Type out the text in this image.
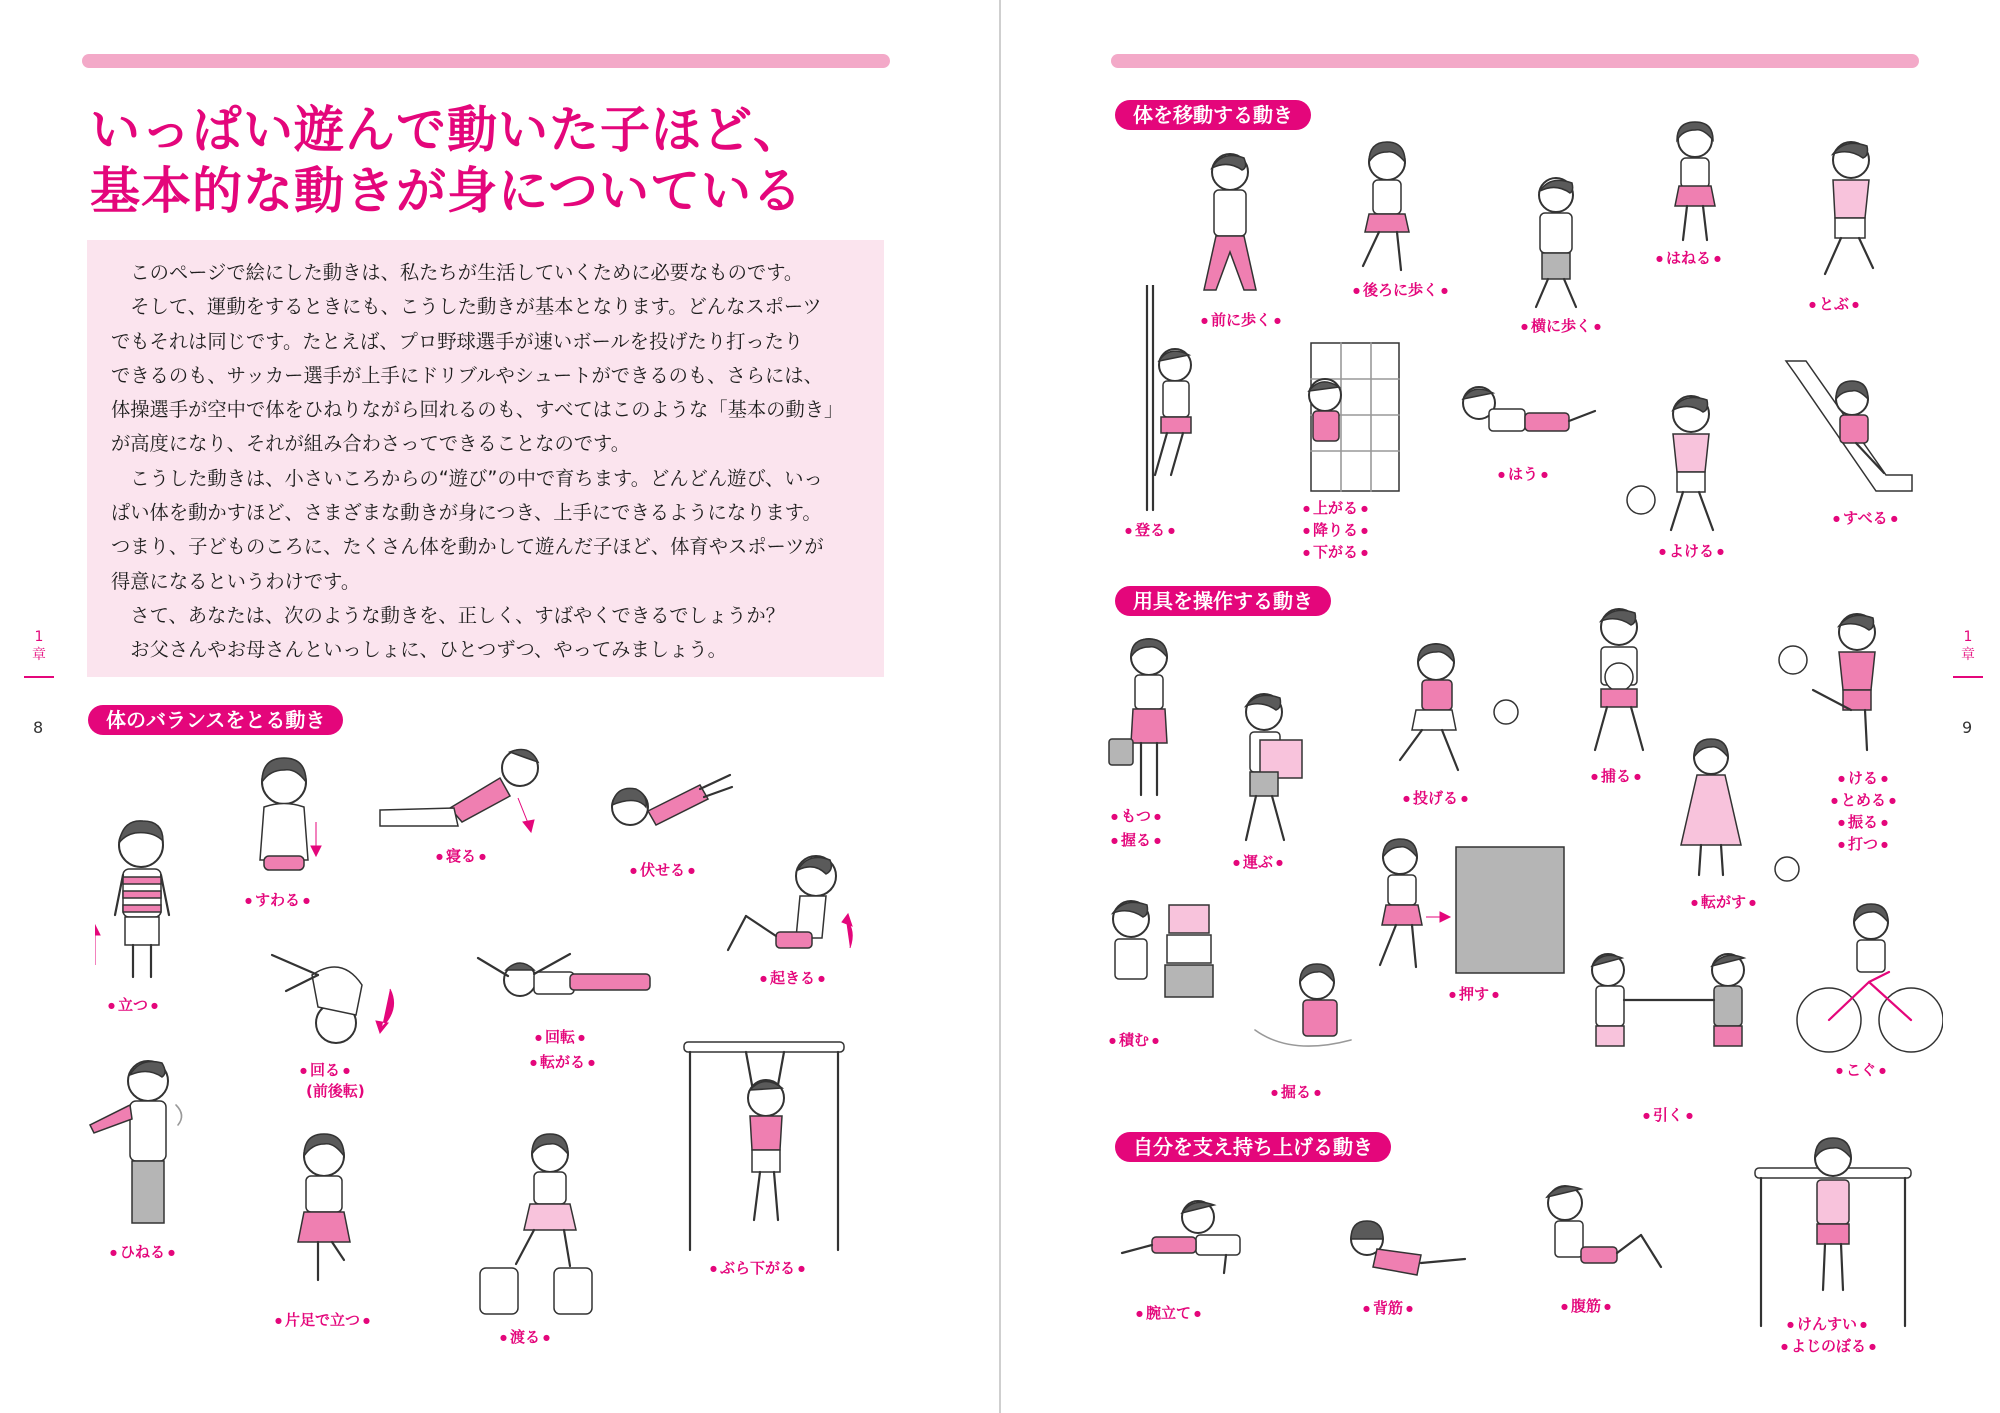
いっぱい遊んで動いた子ほど、
基本的な動きが身についている

このページで絵にした動きは、私たちが生活していくために必要なものです。

そして、運動をするときにも、こうした動きが基本となります。どんなスポーツ

でもそれは同じです。たとえば、プロ野球選手が速いボールを投げたり打ったり

できるのも、サッカー選手が上手にドリブルやシュートができるのも、さらには、

体操選手が空中で体をひねりながら回れるのも、すべてはこのような「基本の動き」

が高度になり、それが組み合わさってできることなのです。

こうした動きは、小さいころからの“遊び”の中で育ちます。どんどん遊び、いっ

ぱい体を動かすほど、さまざまな動きが身につき、上手にできるようになります。

つまり、子どものころに、たくさん体を動かして遊んだ子ほど、体育やスポーツが

得意になるというわけです。

さて、あなたは、次のような動きを、正しく、すばやくできるでしょうか？

お父さんやお母さんといっしょに、ひとつずつ、やってみましょう。

1
章
8	体のバランスをとる動き
● 立つ ●
● すわる ●
● 寝る ●
● 伏せる ●
● 起きる ●
● 回る ●
(前後転)
● 回転 ●
● 転がる ●
● ひねる ●
● 片足で立つ ●
● 渡る ●
● ぶら下がる ●
1
章
9
体を移動する動き
● 前に歩く ●
● 後ろに歩く ●
● 横に歩く ●
● はねる ●
● とぶ ●
● 登る ●
● 上がる ●
● 降りる ●
● 下がる ●
● はう ●
● よける ●
● すべる ●
用具を操作する動き
● もつ ●
● 握る ●
● 運ぶ ●
● 投げる ●
● 捕る ●	● ける ●
● とめる ●
● 振る ●
● 打つ ●
● 転がす ●
● 積む ●
● 押す ●
● 掘る ●
● 引く ●
● こぐ ●
自分を支え持ち上げる動き
● 腕立て ●	● 背筋 ●	● 腹筋 ●
● けんすい ●
● よじのぼる ●
